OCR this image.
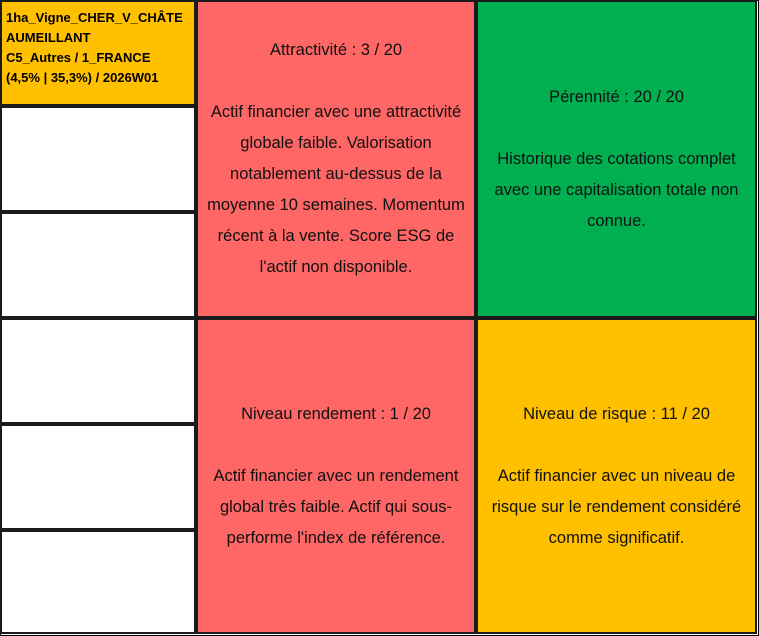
1ha_Vigne_CHER_V_CHÂTE
AUMEILLANT
C5_Autres / 1_FRANCE
(4,5% | 35,3%) / 2026W01
Attractivité : 3 / 20
Actif financier avec une attractivité globale faible. Valorisation notablement au-dessus de la moyenne 10 semaines. Momentum récent à la vente. Score ESG de l'actif non disponible.
Pérennité : 20 / 20
Historique des cotations complet avec une capitalisation totale non connue.
Niveau rendement : 1 / 20
Actif financier avec un rendement global très faible. Actif qui sous-performe l'index de référence.
Niveau de risque : 11 / 20
Actif financier avec un niveau de risque sur le rendement considéré comme significatif.
